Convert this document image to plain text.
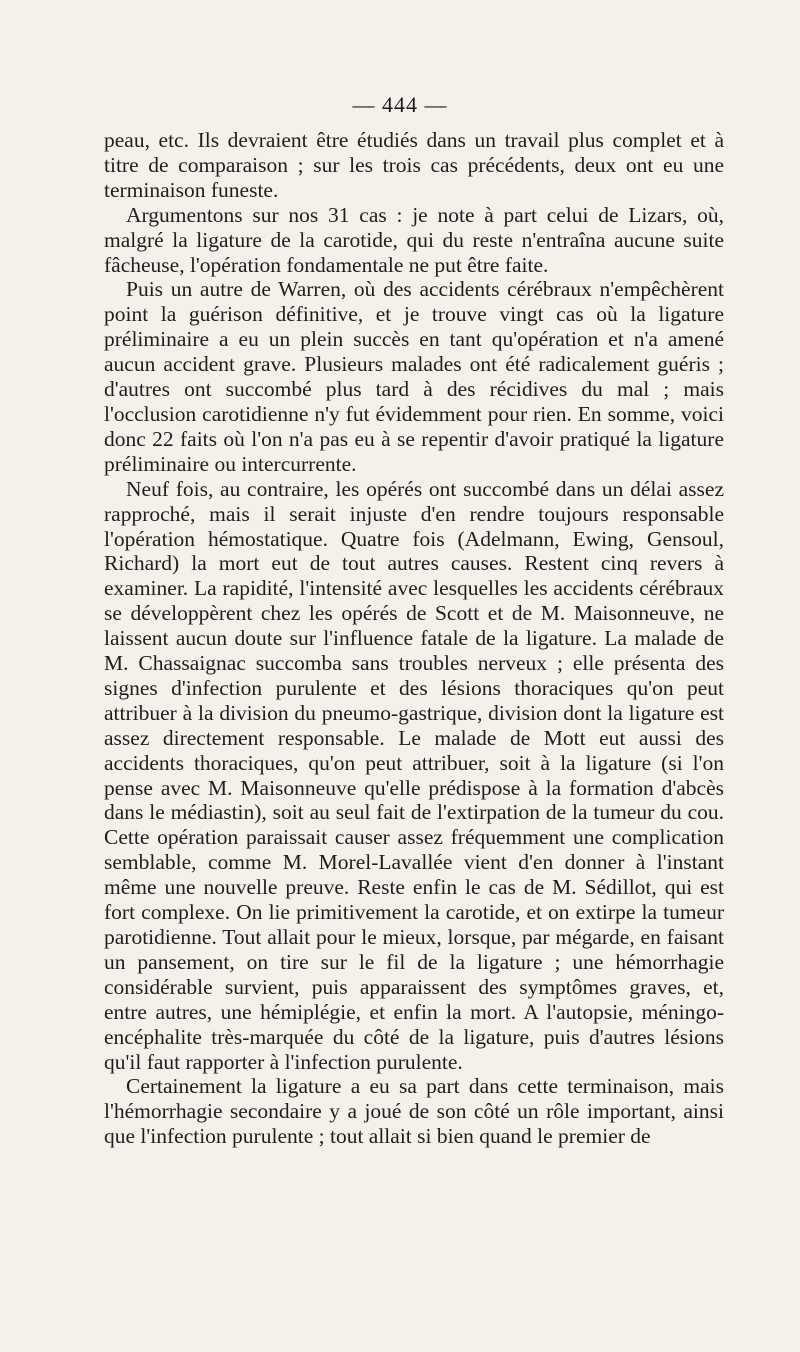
— 444 —

peau, etc. Ils devraient être étudiés dans un travail plus complet et à titre de comparaison ; sur les trois cas précédents, deux ont eu une terminaison funeste.

Argumentons sur nos 31 cas : je note à part celui de Lizars, où, malgré la ligature de la carotide, qui du reste n'entraîna aucune suite fâcheuse, l'opération fondamentale ne put être faite.

Puis un autre de Warren, où des accidents cérébraux n'empêchèrent point la guérison définitive, et je trouve vingt cas où la ligature préliminaire a eu un plein succès en tant qu'opération et n'a amené aucun accident grave. Plusieurs malades ont été radicalement guéris ; d'autres ont succombé plus tard à des récidives du mal ; mais l'occlusion carotidienne n'y fut évidemment pour rien. En somme, voici donc 22 faits où l'on n'a pas eu à se repentir d'avoir pratiqué la ligature préliminaire ou intercurrente.

Neuf fois, au contraire, les opérés ont succombé dans un délai assez rapproché, mais il serait injuste d'en rendre toujours responsable l'opération hémostatique. Quatre fois (Adelmann, Ewing, Gensoul, Richard) la mort eut de tout autres causes. Restent cinq revers à examiner. La rapidité, l'intensité avec lesquelles les accidents cérébraux se développèrent chez les opérés de Scott et de M. Maisonneuve, ne laissent aucun doute sur l'influence fatale de la ligature. La malade de M. Chassaignac succomba sans troubles nerveux ; elle présenta des signes d'infection purulente et des lésions thoraciques qu'on peut attribuer à la division du pneumo-gastrique, division dont la ligature est assez directement responsable. Le malade de Mott eut aussi des accidents thoraciques, qu'on peut attribuer, soit à la ligature (si l'on pense avec M. Maisonneuve qu'elle prédispose à la formation d'abcès dans le médiastin), soit au seul fait de l'extirpation de la tumeur du cou. Cette opération paraissait causer assez fréquemment une complication semblable, comme M. Morel-Lavallée vient d'en donner à l'instant même une nouvelle preuve. Reste enfin le cas de M. Sédillot, qui est fort complexe. On lie primitivement la carotide, et on extirpe la tumeur parotidienne. Tout allait pour le mieux, lorsque, par mégarde, en faisant un pansement, on tire sur le fil de la ligature ; une hémorrhagie considérable survient, puis apparaissent des symptômes graves, et, entre autres, une hémiplégie, et enfin la mort. A l'autopsie, méningo-encéphalite très-marquée du côté de la ligature, puis d'autres lésions qu'il faut rapporter à l'infection purulente.

Certainement la ligature a eu sa part dans cette terminaison, mais l'hémorrhagie secondaire y a joué de son côté un rôle important, ainsi que l'infection purulente ; tout allait si bien quand le premier de
